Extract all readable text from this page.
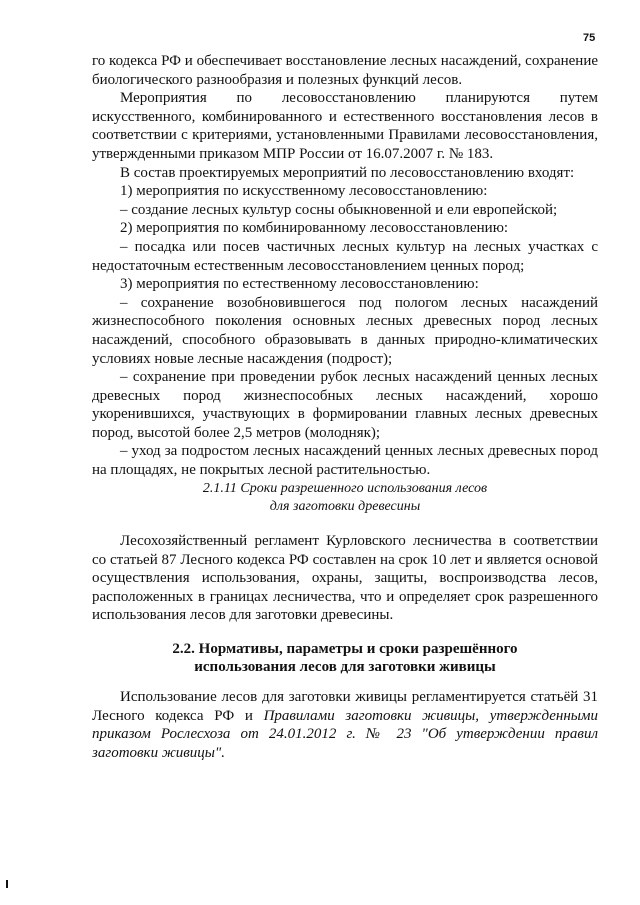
75

го кодекса РФ и обеспечивает восстановление лесных насаждений, сохранение биологического разнообразия и полезных функций лесов.

Мероприятия по лесовосстановлению планируются путем искусственного, комбинированного и естественного восстановления лесов в соответствии с критериями, установленными Правилами лесовосстановления, утвержденными приказом МПР России от 16.07.2007 г. № 183.

В состав проектируемых мероприятий по лесовосстановлению входят:

1) мероприятия по искусственному лесовосстановлению:

– создание лесных культур сосны обыкновенной и ели европейской;

2) мероприятия по комбинированному лесовосстановлению:

– посадка или посев частичных лесных культур на лесных участках с недостаточным естественным лесовосстановлением ценных пород;

3) мероприятия по естественному лесовосстановлению:

– сохранение возобновившегося под пологом лесных насаждений жизнеспособного поколения основных лесных древесных пород лесных насаждений, способного образовывать в данных природно-климатических условиях новые лесные насаждения (подрост);

– сохранение при проведении рубок лесных насаждений ценных лесных древесных пород жизнеспособных лесных насаждений, хорошо укоренившихся, участвующих в формировании главных лесных древесных пород, высотой более 2,5 метров (молодняк);

– уход за подростом лесных насаждений ценных лесных древесных пород на площадях, не покрытых лесной растительностью.

2.1.11 Сроки разрешенного использования лесов
для заготовки древесины

Лесохозяйственный регламент Курловского лесничества в соответствии со статьей 87 Лесного кодекса РФ составлен на срок 10 лет и является основой осуществления использования, охраны, защиты, воспроизводства лесов, расположенных в границах лесничества, что и определяет срок разрешенного использования лесов для заготовки древесины.

2.2. Нормативы, параметры и сроки разрешённого
использования лесов для заготовки живицы

Использование лесов для заготовки живицы регламентируется статьёй 31 Лесного кодекса РФ и Правилами заготовки живицы, утвержденными приказом Рослесхоза от 24.01.2012 г. № 23 "Об утверждении правил заготовки живицы".
